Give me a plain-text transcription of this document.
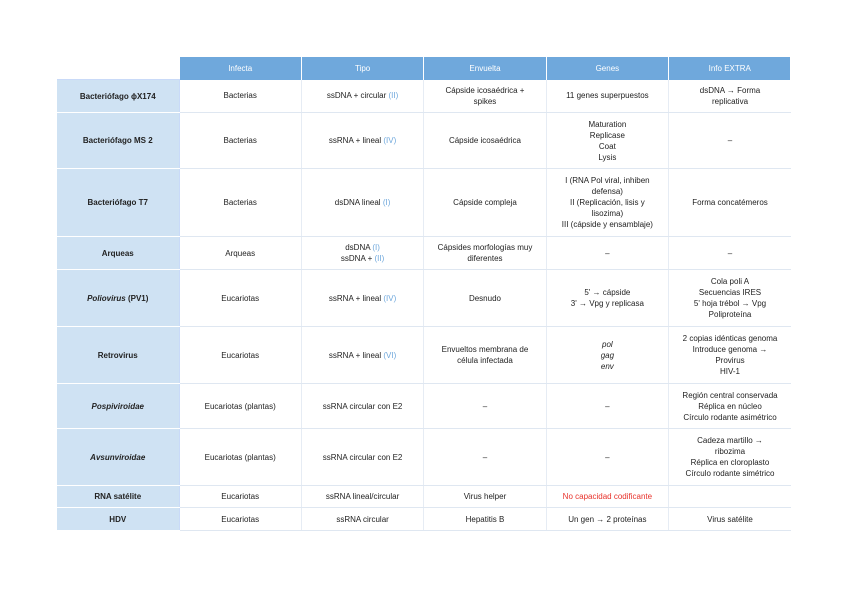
	Infecta	Tipo	Envuelta	Genes	Info EXTRA
Bacteriófago ɸX174	Bacterias	ssDNA + circular (II)	Cápside icosaédrica +
spikes	11 genes superpuestos	dsDNA → Forma
replicativa

Bacteriófago MS 2	Bacterias	ssRNA + lineal (IV)	Cápside icosaédrica	Maturation
Replicase
Coat
Lysis	–

Bacteriófago T7	Bacterias	dsDNA lineal (I)	Cápside compleja	I (RNA Pol viral, inhiben
defensa)
II (Replicación, lisis y
lisozima)
III (cápside y ensamblaje)	Forma concatémeros

Arqueas	Arqueas	dsDNA (I)
ssDNA + (II)	Cápsides morfologías muy
diferentes	–	–

Poliovirus (PV1)	Eucariotas	ssRNA + lineal (IV)	Desnudo	5' → cápside
3' → Vpg y replicasa	Cola poli A
Secuencias IRES
5' hoja trébol → Vpg
Poliproteína

Retrovirus	Eucariotas	ssRNA + lineal (VI)	Envueltos membrana de
célula infectada	pol
gag
env	2 copias idénticas genoma
Introduce genoma →
Provirus
HIV-1

Pospiviroidae	Eucariotas (plantas)	ssRNA circular con E2	–	–	Región central conservada
Réplica en núcleo
Círculo rodante asimétrico

Avsunviroidae	Eucariotas (plantas)	ssRNA circular con E2	–	–	Cadeza martillo →
ribozima
Réplica en cloroplasto
Círculo rodante simétrico

RNA satélite	Eucariotas	ssRNA lineal/circular	Virus helper	No capacidad codificante	

HDV	Eucariotas	ssRNA circular	Hepatitis B	Un gen → 2 proteínas	Virus satélite
